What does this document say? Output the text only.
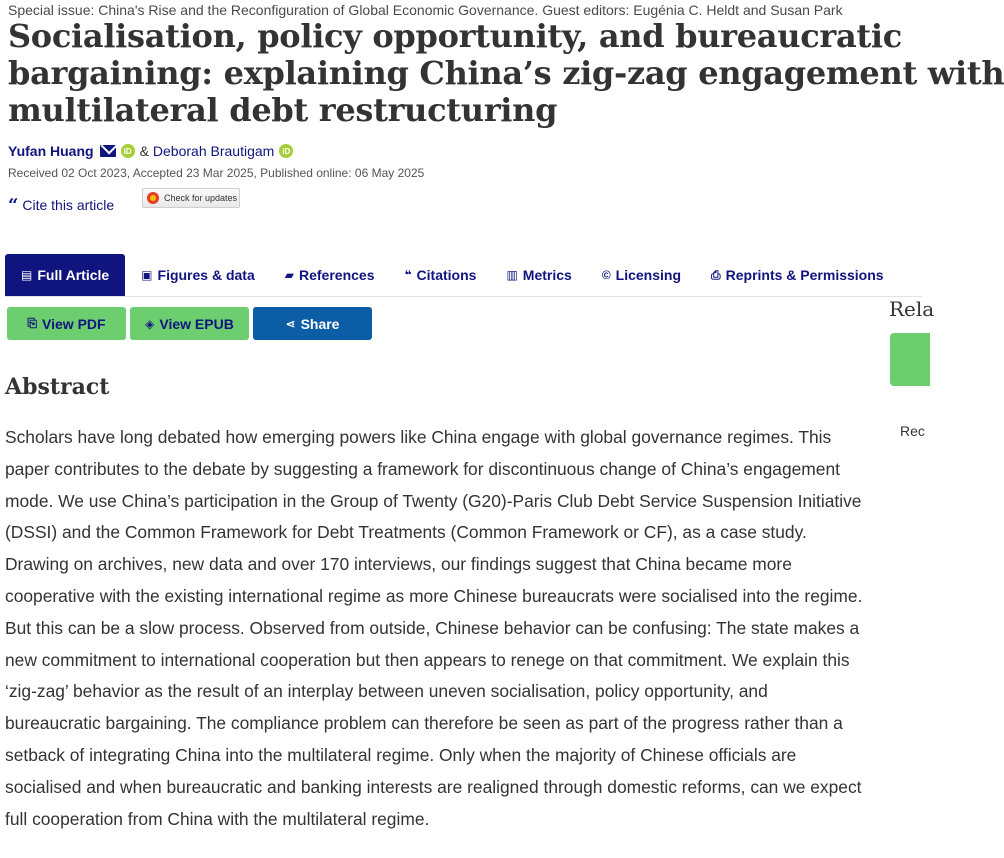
Special issue: China's Rise and the Reconfiguration of Global Economic Governance. Guest editors: Eugénia C. Heldt and Susan Park
Socialisation, policy opportunity, and bureaucratic
bargaining: explaining China’s zig-zag engagement with
multilateral debt restructuring
Yufan Huang	iD & Deborah Brautigam	iD
Received 02 Oct 2023, Accepted 23 Mar 2025, Published online: 06 May 2025
“ Cite this article	Check for updates
▤ Full Article	▣ Figures & data	▰ References	❝ Citations	▥ Metrics	© Licensing	⎙ Reprints & Permissions
⎘ View PDF	◈ View EPUB	⋖ Share
Rela
Rec
Abstract

Scholars have long debated how emerging powers like China engage with global governance regimes. This paper contributes to the debate by suggesting a framework for discontinuous change of China’s engagement mode. We use China’s participation in the Group of Twenty (G20)-Paris Club Debt Service Suspension Initiative (DSSI) and the Common Framework for Debt Treatments (Common Framework or CF), as a case study. Drawing on archives, new data and over 170 interviews, our findings suggest that China became more cooperative with the existing international regime as more Chinese bureaucrats were socialised into the regime. But this can be a slow process. Observed from outside, Chinese behavior can be confusing: The state makes a new commitment to international cooperation but then appears to renege on that commitment. We explain this ‘zig-zag’ behavior as the result of an interplay between uneven socialisation, policy opportunity, and bureaucratic bargaining. The compliance problem can therefore be seen as part of the progress rather than a setback of integrating China into the multilateral regime. Only when the majority of Chinese officials are socialised and when bureaucratic and banking interests are realigned through domestic reforms, can we expect full cooperation from China with the multilateral regime.
